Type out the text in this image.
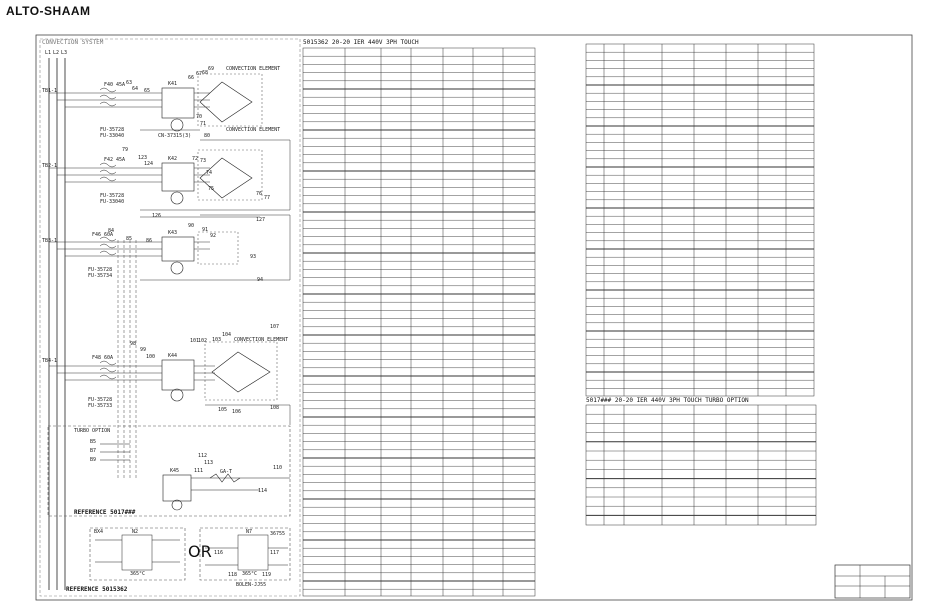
ALTO-SHAAM
CONVECTION SYSTEM
L1 L2 L3
TB1-1
TB2-1
TB3-1
TB4-1
F40 45A
F42 45A
F46 60A
F48 60A
K41
K42
K43
K44
K45
CONVECTION ELEMENT
CONVECTION ELEMENT
CONVECTION ELEMENT
FU-35728
FU-33040
FU-35728
FU-33040
FU-35728
FU-35734
FU-35728
FU-35733
CN-37315(3)	80
126
127
94
105 106
108
110
114
B5
B7
B9
GA-T
63
64 65
66
67 68
69
70
71
79
123
124
72 73
74
75
76
77
84
85	86
90
91
92
93
98
99
100
101
102 103
104
107
112
113
111
TURBO OPTION
REFERENCE 5017###
REFERENCE 5015362
OR
BX4	N2	N7	36755
365°C	365°C
116	117
118	119
BOLEN-JJ55
5015362 20-20 IER 440V 3PH TOUCH
5017### 20-20 IER 440V 3PH TOUCH TURBO OPTION
